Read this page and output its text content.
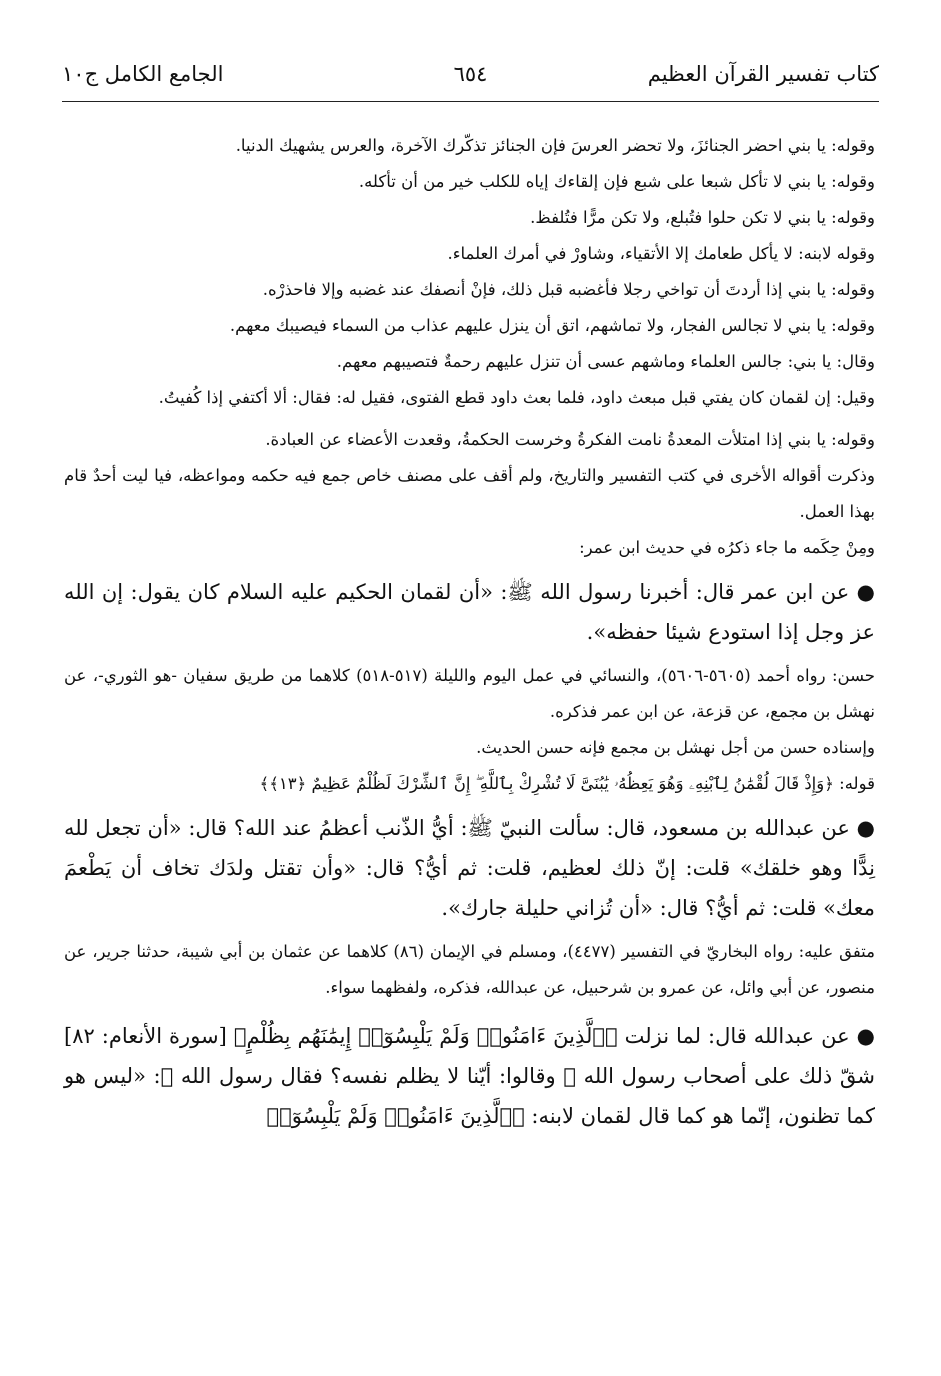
كتاب تفسير القرآن العظيم
٦٥٤
الجامع الكامل ج١٠

وقوله: يا بني احضر الجنائزَ، ولا تحضر العرسَ فإن الجنائز تذكّرك الآخرة، والعرس يشهيك الدنيا.

وقوله: يا بني لا تأكل شبعا على شبع فإن إلقاءك إياه للكلب خير من أن تأكله.

وقوله: يا بني لا تكن حلوا فتُبلع، ولا تكن مرًّا فتُلفظ.

وقوله لابنه: لا يأكل طعامك إلا الأتقياء، وشاورْ في أمرك العلماء.

وقوله: يا بني إذا أردتَ أن تواخي رجلا فأغضبه قبل ذلك، فإنْ أنصفك عند غضبه وإلا فاحذرْه.

وقوله: يا بني لا تجالس الفجار، ولا تماشهم، اتق أن ينزل عليهم عذاب من السماء فيصيبك معهم.

وقال: يا بني: جالس العلماء وماشهم عسى أن تنزل عليهم رحمةٌ فتصيبهم معهم.

وقيل: إن لقمان كان يفتي قبل مبعث داود، فلما بعث داود قطع الفتوى، فقيل له: فقال: ألا أكتفي إذا كُفيتُ.

وقوله: يا بني إذا امتلأت المعدةُ نامت الفكرةُ وخرست الحكمةُ، وقعدت الأعضاء عن العبادة.

وذكرت أقواله الأخرى في كتب التفسير والتاريخ، ولم أقف على مصنف خاص جمع فيه حكمه ومواعظه، فيا ليت أحدٌ قام بهذا العمل.

ومِنْ حِكَمه ما جاء ذكرُه في حديث ابن عمر:

● عن ابن عمر قال: أخبرنا رسول الله ﷺ: «أن لقمان الحكيم عليه السلام كان يقول: إن الله عز وجل إذا استودع شيئا حفظه».

حسن: رواه أحمد (٥٦٠٥-٥٦٠٦)، والنسائي في عمل اليوم والليلة (٥١٧-٥١٨) كلاهما من طريق سفيان -هو الثوري-، عن نهشل بن مجمع، عن قزعة، عن ابن عمر فذكره.

وإسناده حسن من أجل نهشل بن مجمع فإنه حسن الحديث.

قوله: ﴿وَإِذْ قَالَ لُقْمَٰنُ لِٱبْنِهِۦ وَهُوَ يَعِظُهُۥ يَٰبُنَىَّ لَا تُشْرِكْ بِٱللَّهِ ۖ إِنَّ ٱلشِّرْكَ لَظُلْمٌ عَظِيمٌ ﴿١٣﴾﴾

● عن عبدالله بن مسعود، قال: سألت النبيّ ﷺ: أيُّ الذّنب أعظمُ عند الله؟ قال: «أن تجعل لله نِدًّا وهو خلقك» قلت: إنّ ذلك لعظيم، قلت: ثم أيُّ؟ قال: «وأن تقتل ولدَك تخاف أن يَطْعمَ معك» قلت: ثم أيُّ؟ قال: «أن تُزاني حليلة جارك».

متفق عليه: رواه البخاريّ في التفسير (٤٤٧٧)، ومسلم في الإيمان (٨٦) كلاهما عن عثمان بن أبي شيبة، حدثنا جرير، عن منصور، عن أبي وائل، عن عمرو بن شرحبيل، عن عبدالله، فذكره، ولفظهما سواء.

● عن عبدالله قال: لما نزلت ﴿ٱلَّذِينَ ءَامَنُوا۟ وَلَمْ يَلْبِسُوٓا۟ إِيمَٰنَهُم بِظُلْمٍ﴾ [سورة الأنعام: ٨٢] شقّ ذلك على أصحاب رسول الله ﷺ وقالوا: أيّنا لا يظلم نفسه؟ فقال رسول الله ﷺ: «ليس هو كما تظنون، إنّما هو كما قال لقمان لابنه: ﴿ٱلَّذِينَ ءَامَنُوا۟ وَلَمْ يَلْبِسُوٓا۟
